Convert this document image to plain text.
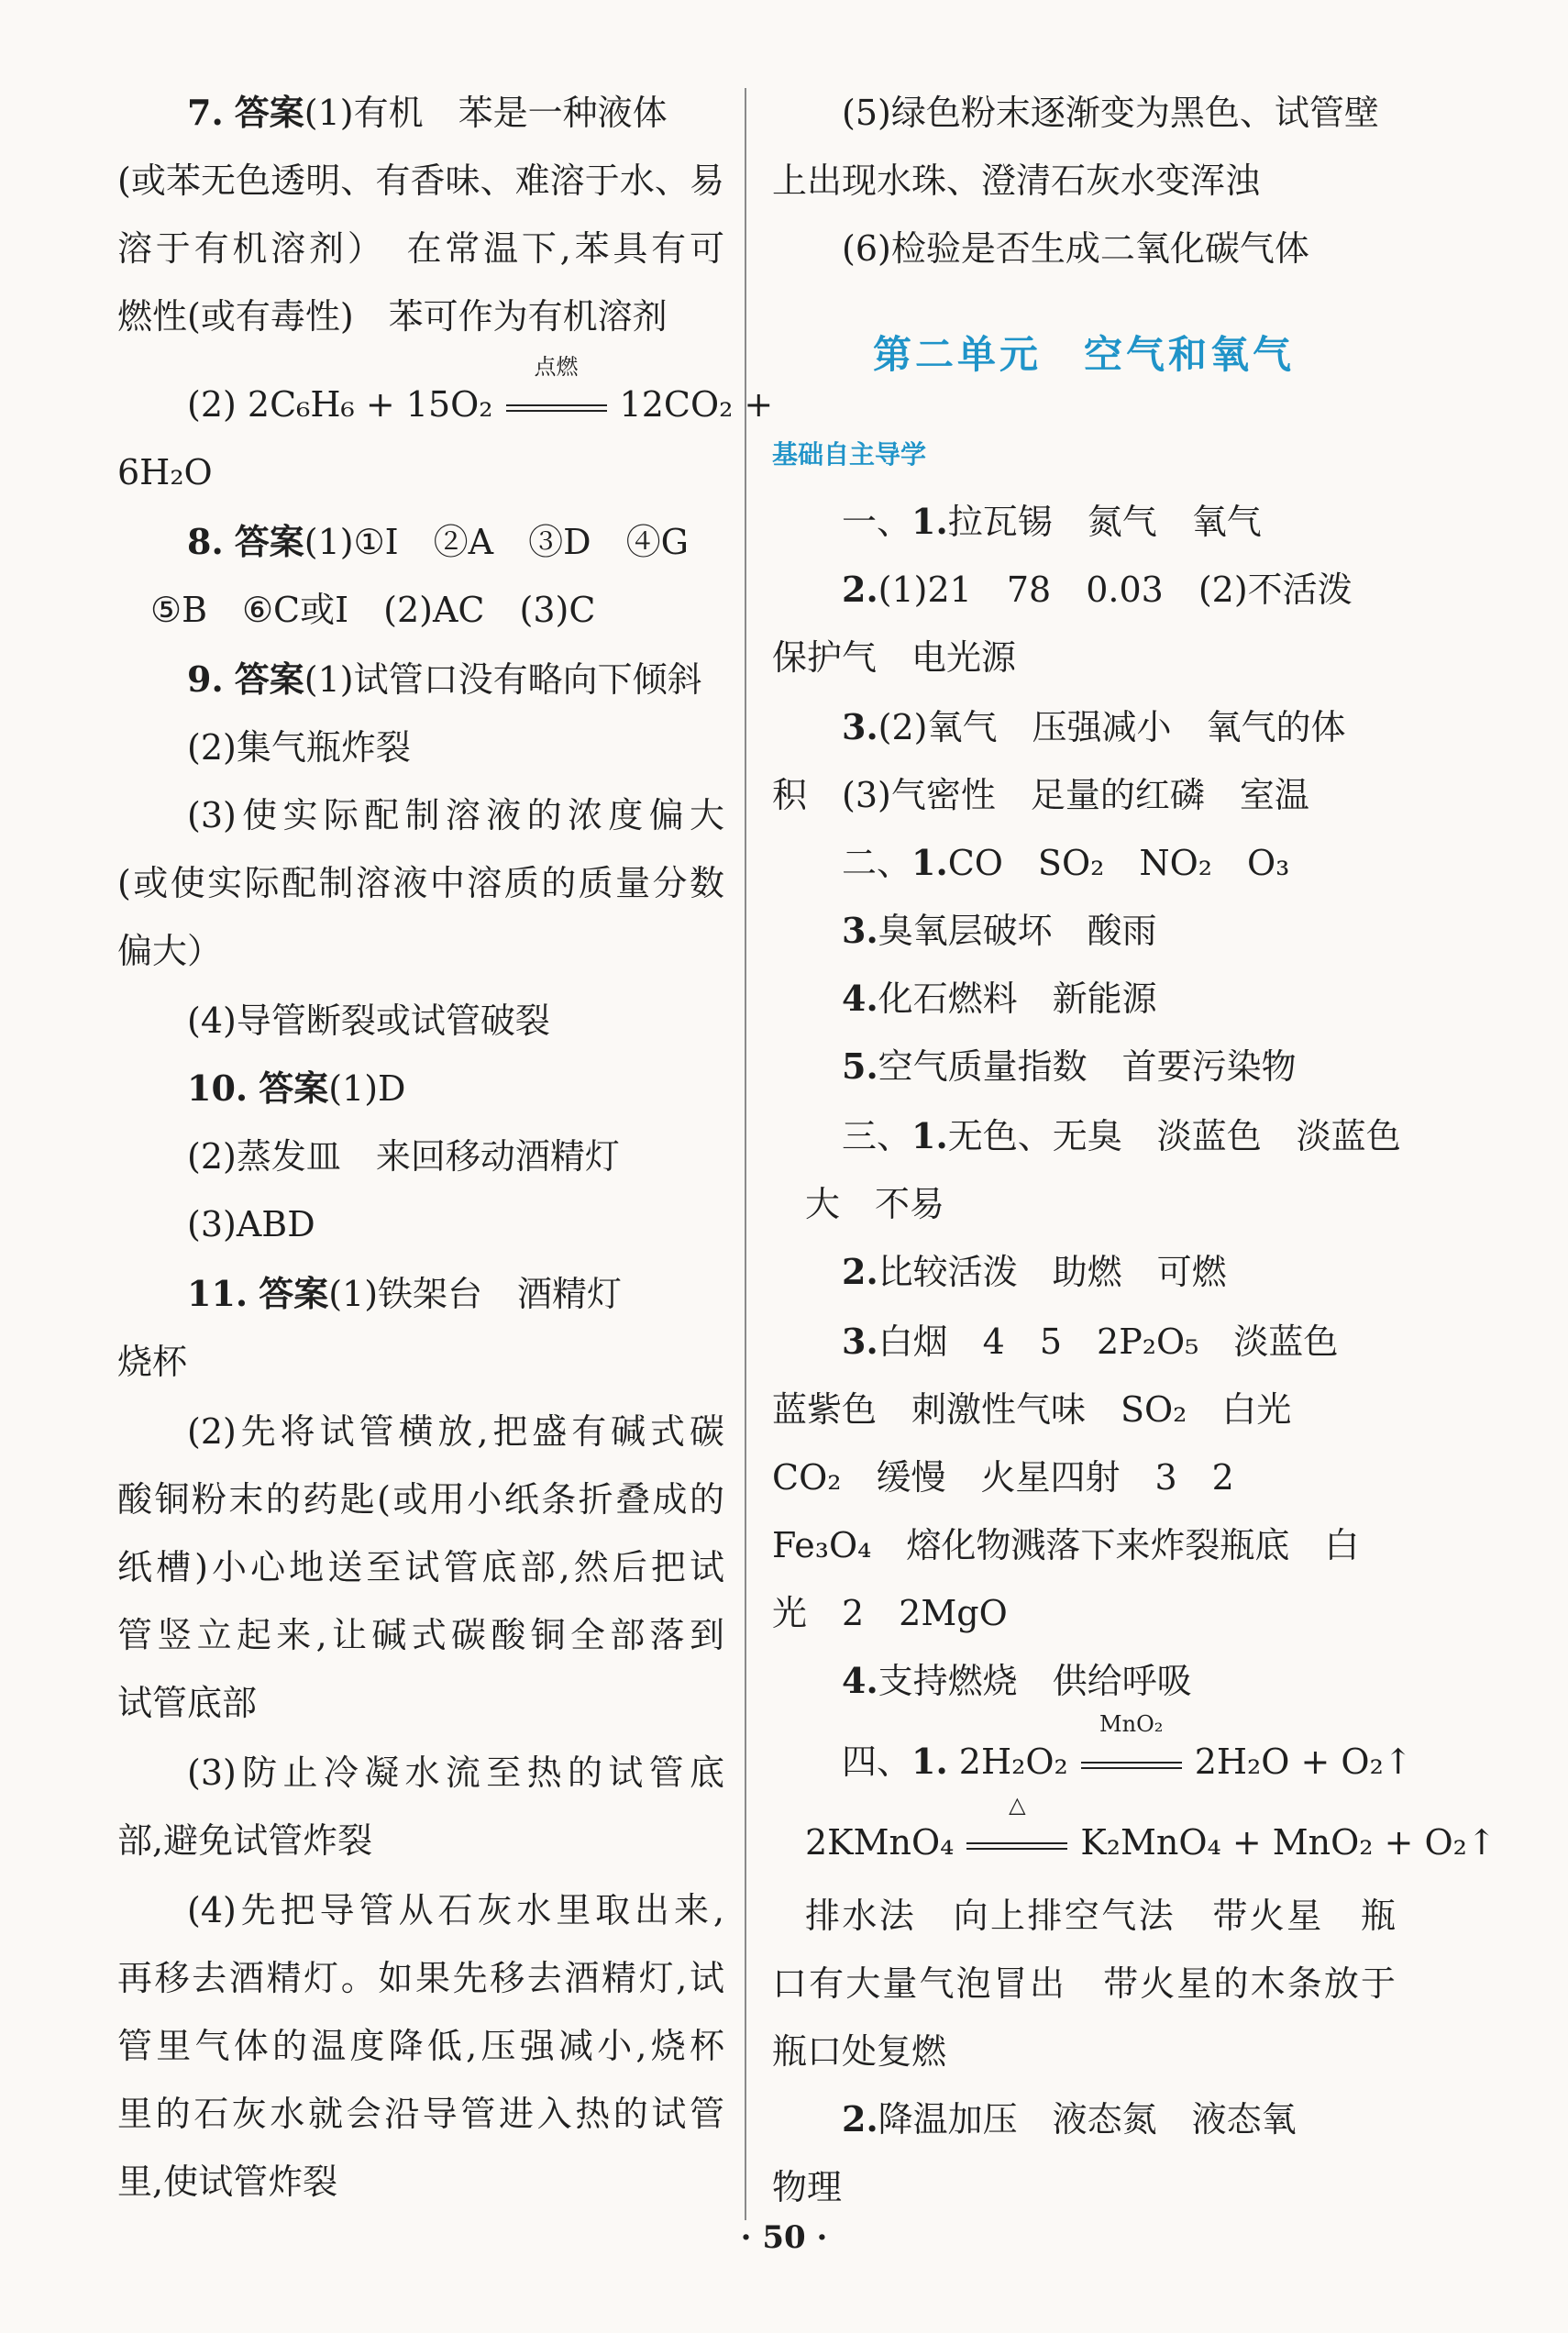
7. 答案(1)有机　苯是一种液体
(或苯无色透明、有香味、难溶于水、易
溶于有机溶剂）　在常温下,苯具有可
燃性(或有毒性)　苯可作为有机溶剂
(2) 2C₆H₆ + 15O₂
点燃
12CO₂ +
6H₂O
8. 答案(1)①I　②A　③D　④G
⑤B　⑥C或I　(2)AC　(3)C
9. 答案(1)试管口没有略向下倾斜
(2)集气瓶炸裂
(3)使实际配制溶液的浓度偏大
(或使实际配制溶液中溶质的质量分数
偏大）
(4)导管断裂或试管破裂
10. 答案(1)D
(2)蒸发皿　来回移动酒精灯
(3)ABD
11. 答案(1)铁架台　酒精灯
烧杯
(2)先将试管横放,把盛有碱式碳
酸铜粉末的药匙(或用小纸条折叠成的
纸槽)小心地送至试管底部,然后把试
管竖立起来,让碱式碳酸铜全部落到
试管底部
(3)防止冷凝水流至热的试管底
部,避免试管炸裂
(4)先把导管从石灰水里取出来,
再移去酒精灯。如果先移去酒精灯,试
管里气体的温度降低,压强减小,烧杯
里的石灰水就会沿导管进入热的试管
里,使试管炸裂
(5)绿色粉末逐渐变为黑色、试管壁
上出现水珠、澄清石灰水变浑浊
(6)检验是否生成二氧化碳气体
第二单元　空气和氧气
基础自主导学
一、1.拉瓦锡　氮气　氧气
2.(1)21　78　0.03　(2)不活泼
保护气　电光源
3.(2)氧气　压强减小　氧气的体
积　(3)气密性　足量的红磷　室温
二、1.CO　SO₂　NO₂　O₃
3.臭氧层破坏　酸雨
4.化石燃料　新能源
5.空气质量指数　首要污染物
三、1.无色、无臭　淡蓝色　淡蓝色
大　不易
2.比较活泼　助燃　可燃
3.白烟　4　5　2P₂O₅　淡蓝色
蓝紫色　刺激性气味　SO₂　白光
CO₂　缓慢　火星四射　3　2
Fe₃O₄　熔化物溅落下来炸裂瓶底　白
光　2　2MgO
4.支持燃烧　供给呼吸
四、1. 2H₂O₂
MnO₂
2H₂O + O₂↑
2KMnO₄
△
K₂MnO₄ + MnO₂ + O₂↑
排水法　向上排空气法　带火星　瓶
口有大量气泡冒出　带火星的木条放于
瓶口处复燃
2.降温加压　液态氮　液态氧
物理
· 50 ·
